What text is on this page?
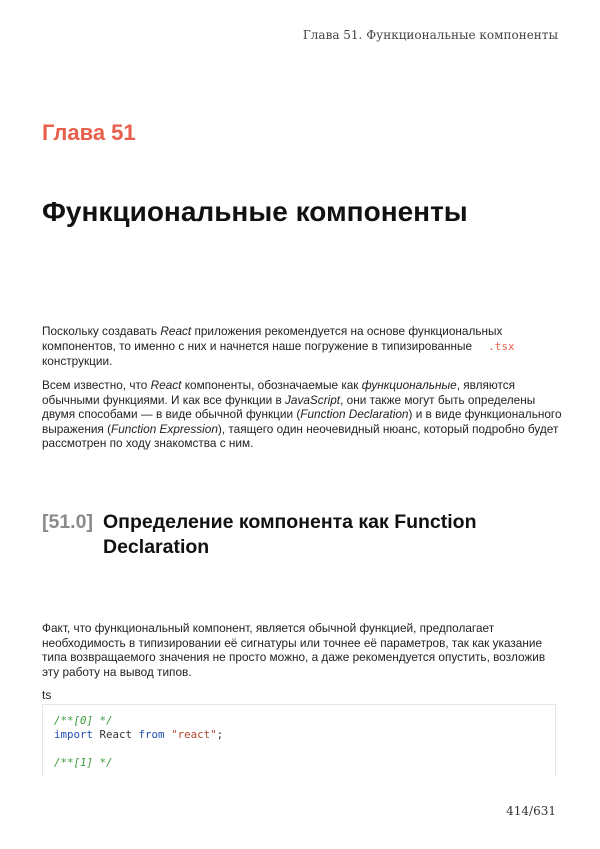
Глава 51. Функциональные компоненты
Глава 51
Функциональные компоненты

Поскольку создавать React приложения рекомендуется на основе функциональных компонентов, то именно с них и начнется наше погружение в типизированные .tsx
конструкции.

Всем известно, что React компоненты, обозначаемые как функциональные, являются обычными функциями. И как все функции в JavaScript, они также могут быть определены двумя способами — в виде обычной функции (Function Declaration) и в виде функционального выражения (Function Expression), таящего один неочевидный нюанс, который подробно будет рассмотрен по ходу знакомства с ним.

[51.0] Определение компонента как Function Declaration

Факт, что функциональный компонент, является обычной функцией, предполагает необходимость в типизировании её сигнатуры или точнее её параметров, так как указание типа возвращаемого значения не просто можно, а даже рекомендуется опустить, возложив эту работу на вывод типов.

ts
/**[0] */
import React from "react";
/**[1] */
414/631
